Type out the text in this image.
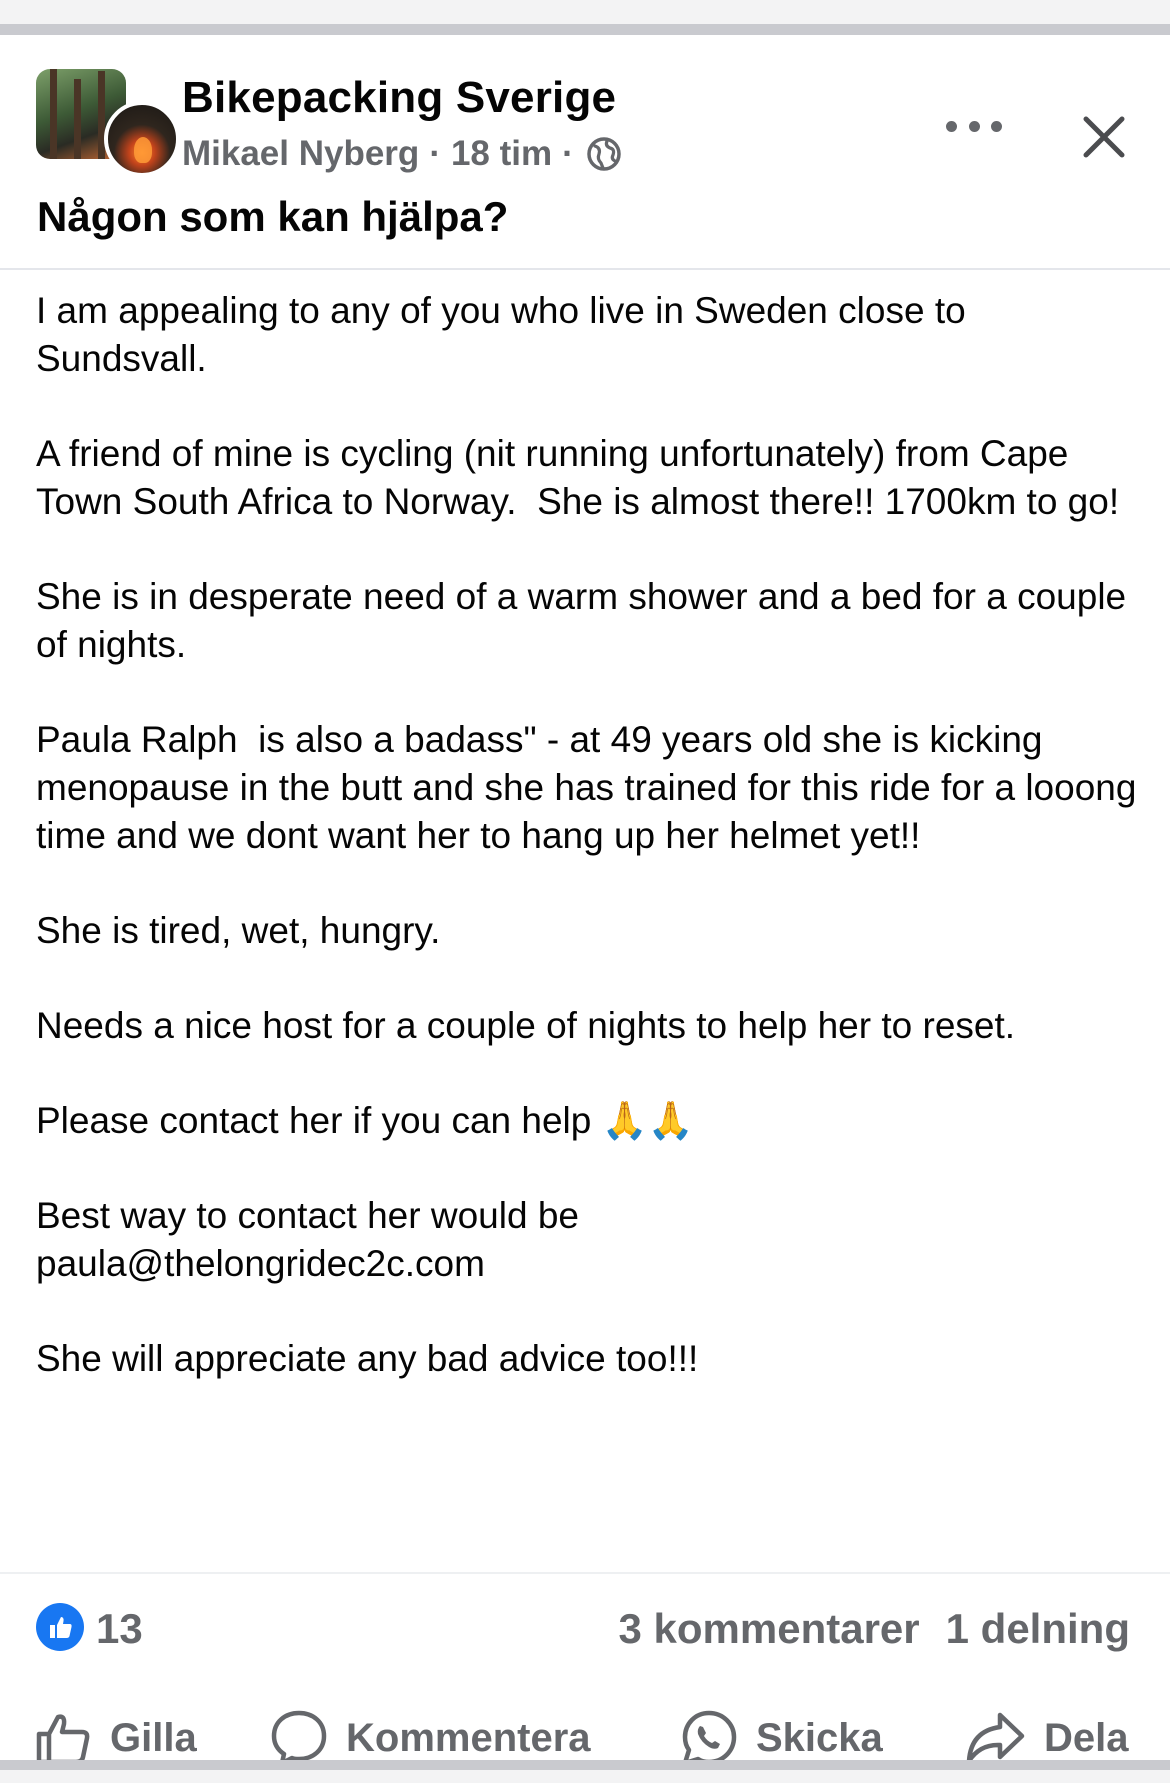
Bikepacking Sverige
Mikael Nyberg · 18 tim ·
Någon som kan hjälpa?

I am appealing to any of you who live in Sweden close to Sundsvall.

A friend of mine is cycling (nit running unfortunately) from Cape Town South Africa to Norway.  She is almost there!! 1700km to go!

She is in desperate need of a warm shower and a bed for a couple of nights.

Paula Ralph  is also a badass" - at 49 years old she is kicking menopause in the butt and she has trained for this ride for a looong time and we dont want her to hang up her helmet yet!!

She is tired, wet, hungry.

Needs a nice host for a couple of nights to help her to reset.

Please contact her if you can help 🙏🙏

Best way to contact her would be
paula@thelongridec2c.com

She will appreciate any bad advice too!!!

13	3 kommentarer 1 delning
Gilla	Kommentera	Skicka	Dela
